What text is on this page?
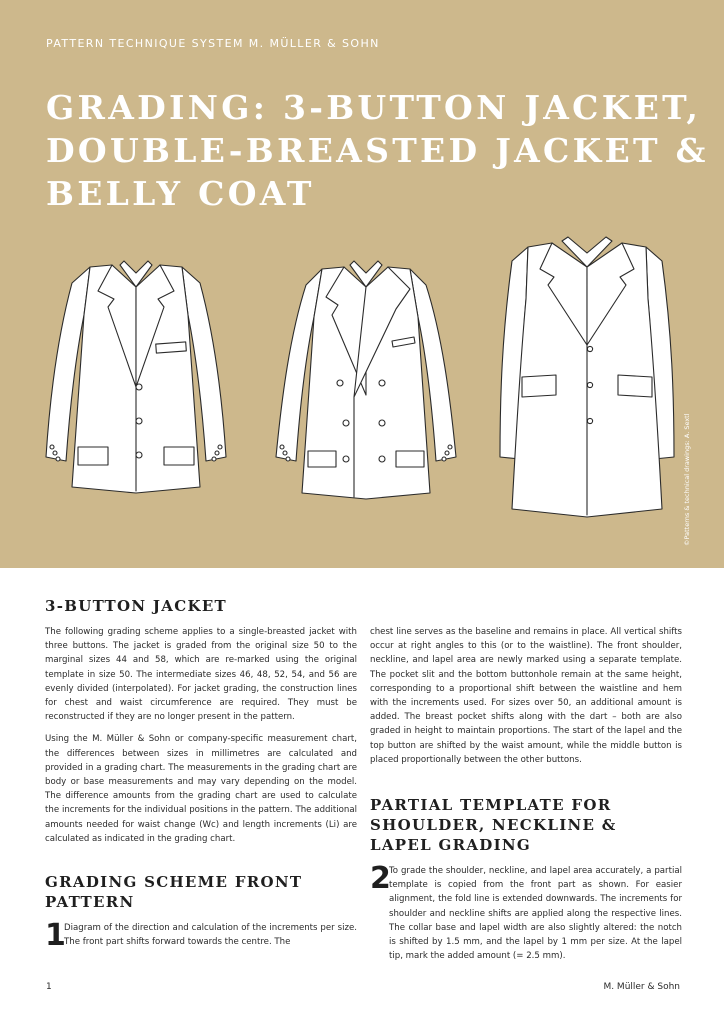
PATTERN TECHNIQUE SYSTEM M. MÜLLER & SOHN
GRADING: 3-BUTTON JACKET,
DOUBLE-BREASTED JACKET &
BELLY COAT
©Patterns & technical drawings: A. Sextl
3-BUTTON JACKET

The following grading scheme applies to a single-breasted jacket with three buttons. The jacket is graded from the original size 50 to the marginal sizes 44 and 58, which are re-marked using the original template in size 50. The intermediate sizes 46, 48, 52, 54, and 56 are evenly divided (interpolated). For jacket grading, the construction lines for chest and waist circumference are required. They must be reconstructed if they are no longer present in the pattern.

Using the M. Müller & Sohn or company-specific measurement chart, the differences between sizes in millimetres are calculated and provided in a grading chart. The measurements in the grading chart are body or base measurements and may vary depending on the model. The difference amounts from the grading chart are used to calculate the increments for the individual positions in the pattern. The additional amounts needed for waist change (Wc) and length increments (Li) are calculated as indicated in the grading chart.

GRADING SCHEME FRONT PATTERN
1

Diagram of the direction and calculation of the increments per size. The front part shifts forward towards the centre. The

chest line serves as the baseline and remains in place. All vertical shifts occur at right angles to this (or to the waistline). The front shoulder, neckline, and lapel area are newly marked using a separate template. The pocket slit and the bottom buttonhole remain at the same height, corresponding to a proportional shift between the waistline and hem with the increments used. For sizes over 50, an additional amount is added. The breast pocket shifts along with the dart – both are also graded in height to maintain proportions. The start of the lapel and the top button are shifted by the waist amount, while the middle button is placed proportionally between the other buttons.

PARTIAL TEMPLATE FOR SHOULDER, NECKLINE & LAPEL GRADING
2

To grade the shoulder, neckline, and lapel area accurately, a partial template is copied from the front part as shown. For easier alignment, the fold line is extended downwards. The increments for shoulder and neckline shifts are applied along the respective lines. The collar base and lapel width are also slightly altered: the notch is shifted by 1.5 mm, and the lapel by 1 mm per size. At the lapel tip, mark the added amount (= 2.5 mm).

1	M. Müller & Sohn
